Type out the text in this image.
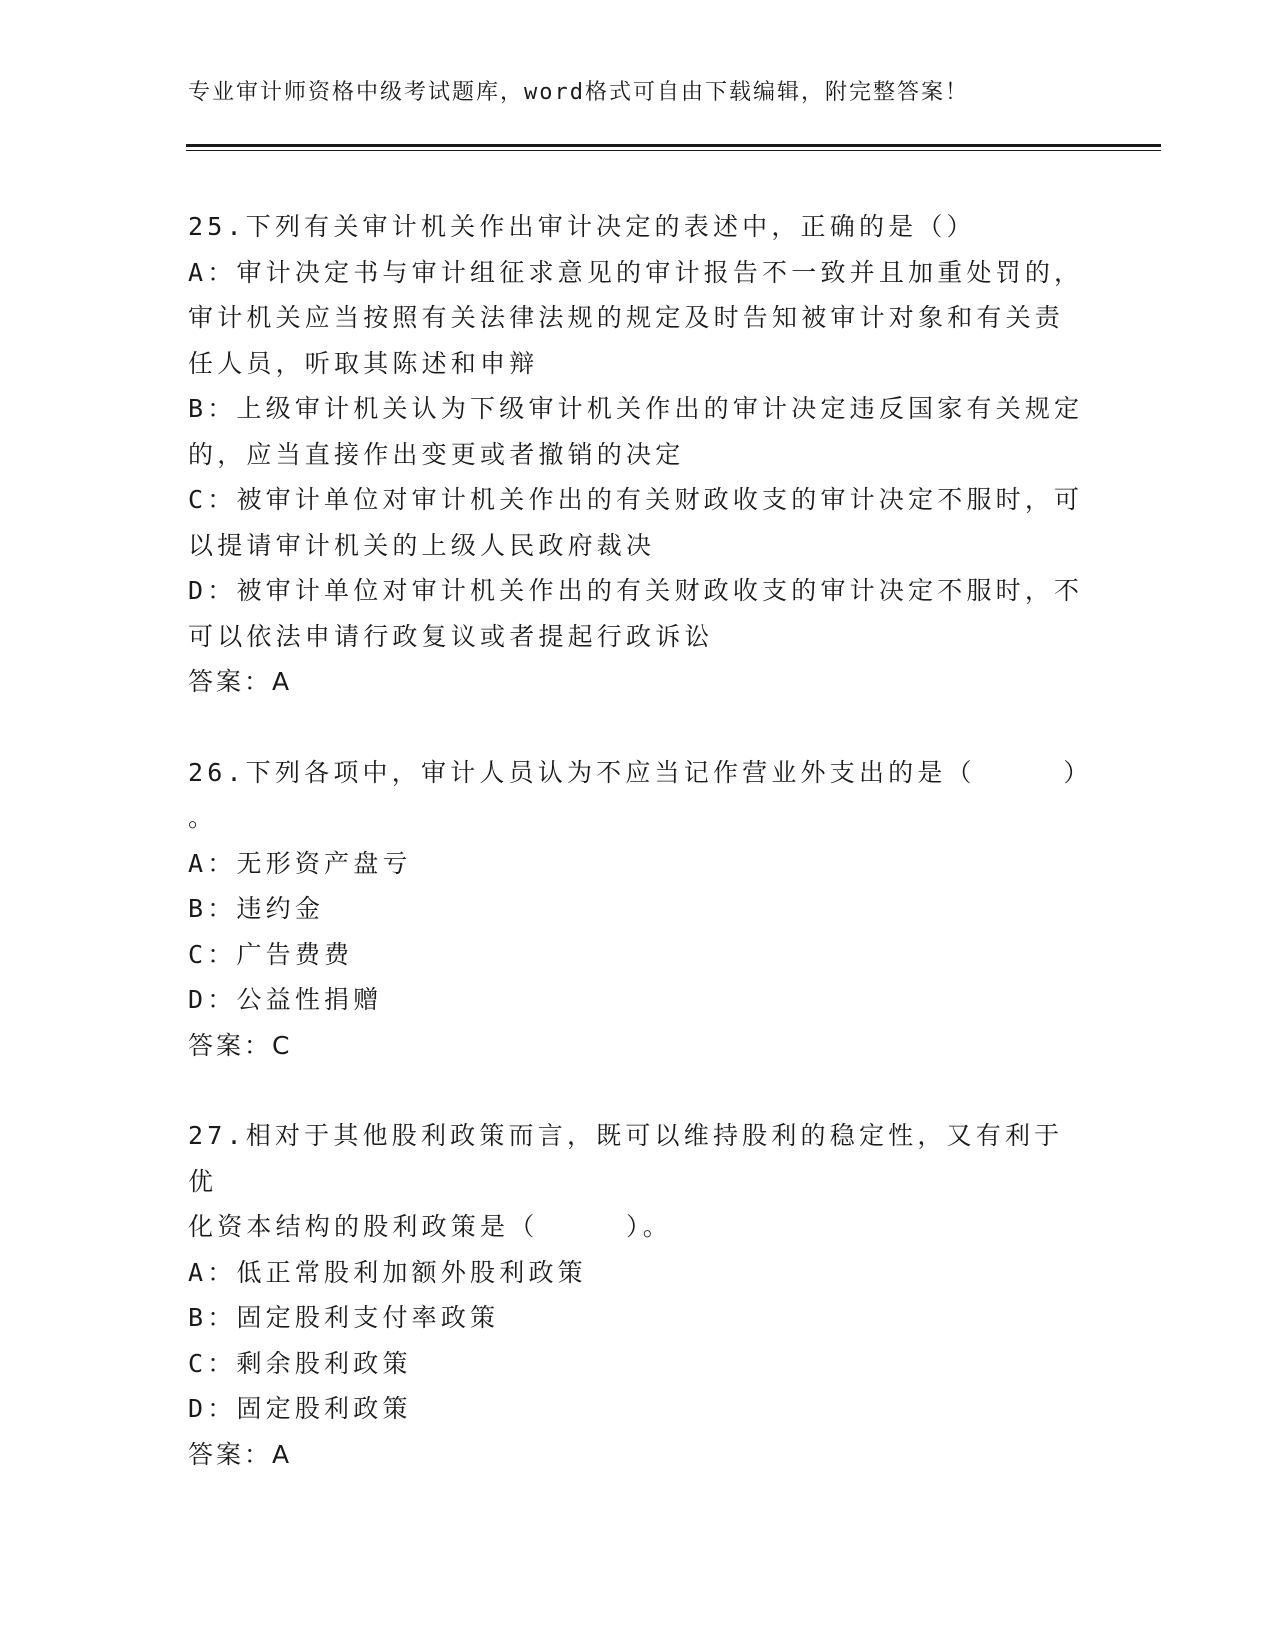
专业审计师资格中级考试题库，word格式可自由下载编辑，附完整答案！

25.下列有关审计机关作出审计决定的表述中，正确的是（）

A：审计决定书与审计组征求意见的审计报告不一致并且加重处罚的，

审计机关应当按照有关法律法规的规定及时告知被审计对象和有关责

任人员，听取其陈述和申辩

B：上级审计机关认为下级审计机关作出的审计决定违反国家有关规定

的，应当直接作出变更或者撤销的决定

C：被审计单位对审计机关作出的有关财政收支的审计决定不服时，可

以提请审计机关的上级人民政府裁决

D：被审计单位对审计机关作出的有关财政收支的审计决定不服时，不

可以依法申请行政复议或者提起行政诉讼

答案：A

26.下列各项中，审计人员认为不应当记作营业外支出的是（　　　）

。

A：无形资产盘亏

B：违约金

C：广告费费

D：公益性捐赠

答案：C

27.相对于其他股利政策而言，既可以维持股利的稳定性，又有利于优

化资本结构的股利政策是（　　　）。

A：低正常股利加额外股利政策

B：固定股利支付率政策

C：剩余股利政策

D：固定股利政策

答案：A
